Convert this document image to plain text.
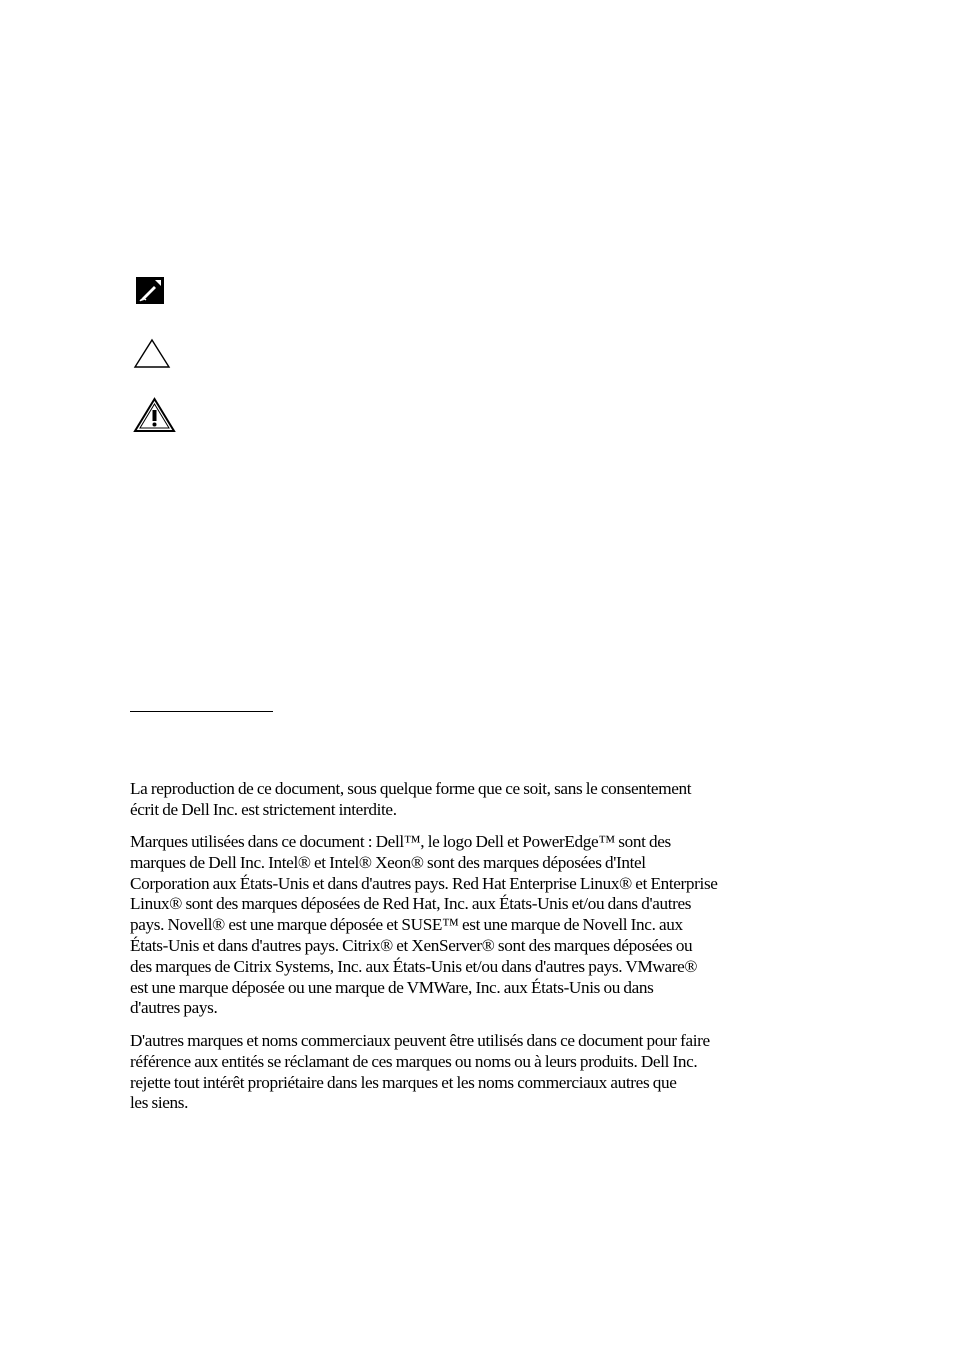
La reproduction de ce document, sous quelque forme que ce soit, sans le consentement
écrit de Dell Inc. est strictement interdite.
Marques utilisées dans ce document : Dell™, le logo Dell et PowerEdge™ sont des
marques de Dell Inc. Intel® et Intel® Xeon® sont des marques déposées d'Intel
Corporation aux États-Unis et dans d'autres pays. Red Hat Enterprise Linux® et Enterprise
Linux® sont des marques déposées de Red Hat, Inc. aux États-Unis et/ou dans d'autres
pays. Novell® est une marque déposée et SUSE™ est une marque de Novell Inc. aux
États-Unis et dans d'autres pays. Citrix® et XenServer® sont des marques déposées ou
des marques de Citrix Systems, Inc. aux États-Unis et/ou dans d'autres pays. VMware®
est une marque déposée ou une marque de VMWare, Inc. aux États-Unis ou dans
d'autres pays.
D'autres marques et noms commerciaux peuvent être utilisés dans ce document pour faire
référence aux entités se réclamant de ces marques ou noms ou à leurs produits. Dell Inc.
rejette tout intérêt propriétaire dans les marques et les noms commerciaux autres que
les siens.
